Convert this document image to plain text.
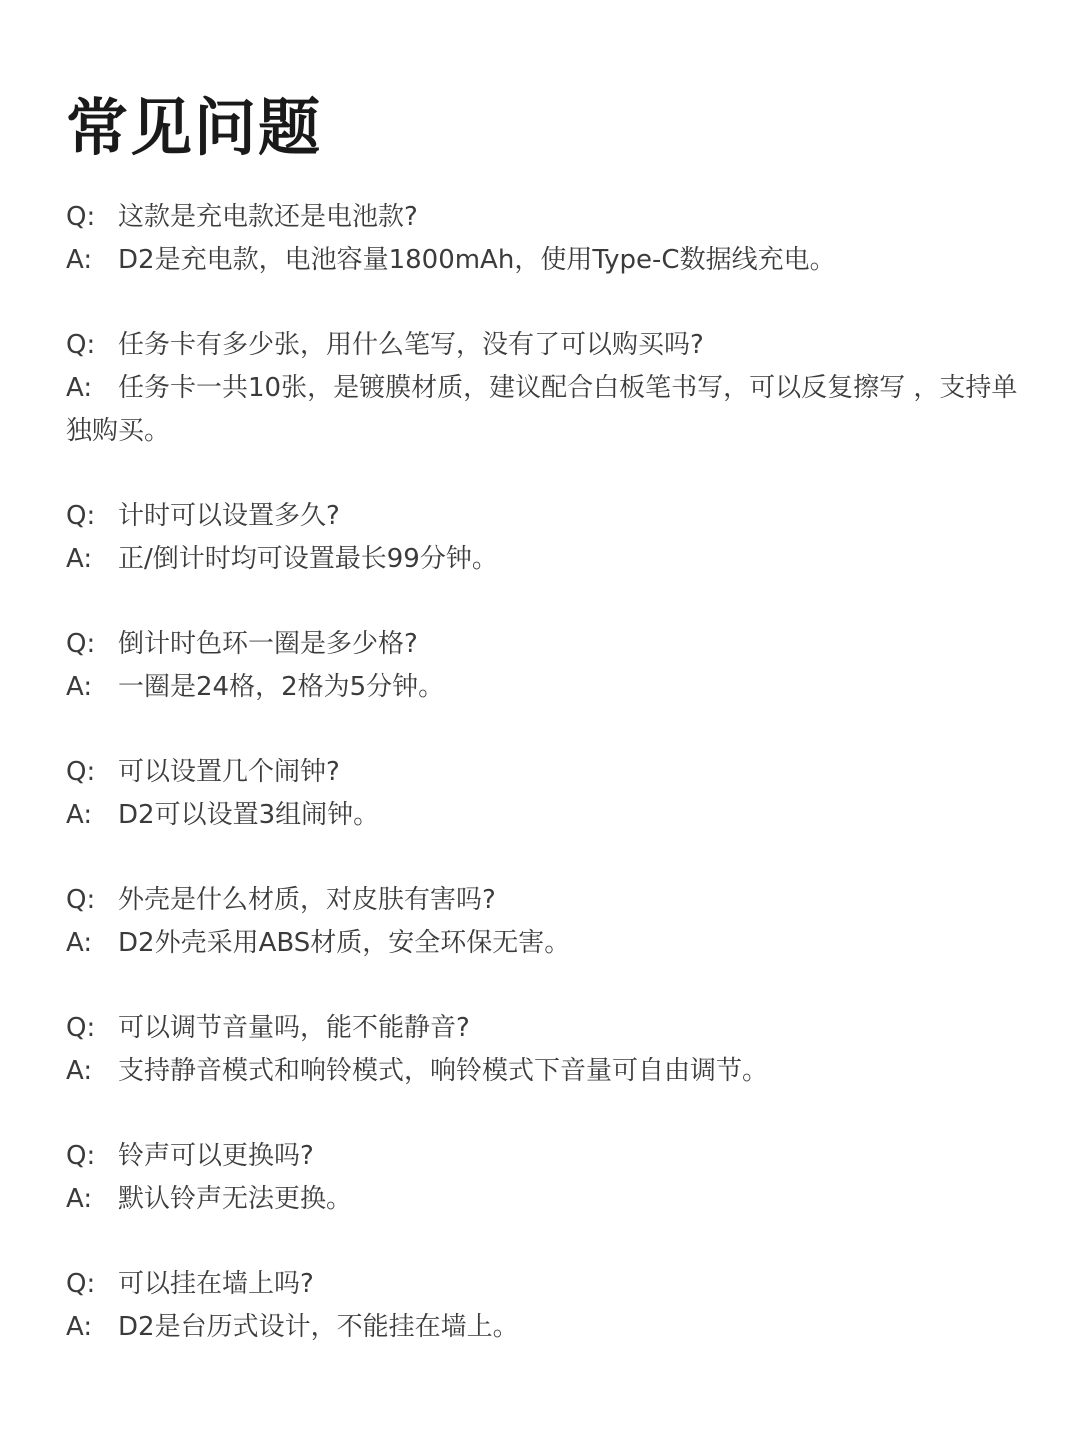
常见问题
Q: 这款是充电款还是电池款?
A: D2是充电款，电池容量1800mAh，使用Type-C数据线充电。
Q: 任务卡有多少张，用什么笔写，没有了可以购买吗?
A: 任务卡一共10张，是镀膜材质，建议配合白板笔书写，可以反复擦写 ，支持单独购买。
Q: 计时可以设置多久?
A: 正/倒计时均可设置最长99分钟。
Q: 倒计时色环一圈是多少格?
A: 一圈是24格，2格为5分钟。
Q: 可以设置几个闹钟?
A: D2可以设置3组闹钟。
Q: 外壳是什么材质，对皮肤有害吗?
A: D2外壳采用ABS材质，安全环保无害。
Q: 可以调节音量吗，能不能静音?
A: 支持静音模式和响铃模式，响铃模式下音量可自由调节。
Q: 铃声可以更换吗?
A: 默认铃声无法更换。
Q: 可以挂在墙上吗?
A: D2是台历式设计，不能挂在墙上。
